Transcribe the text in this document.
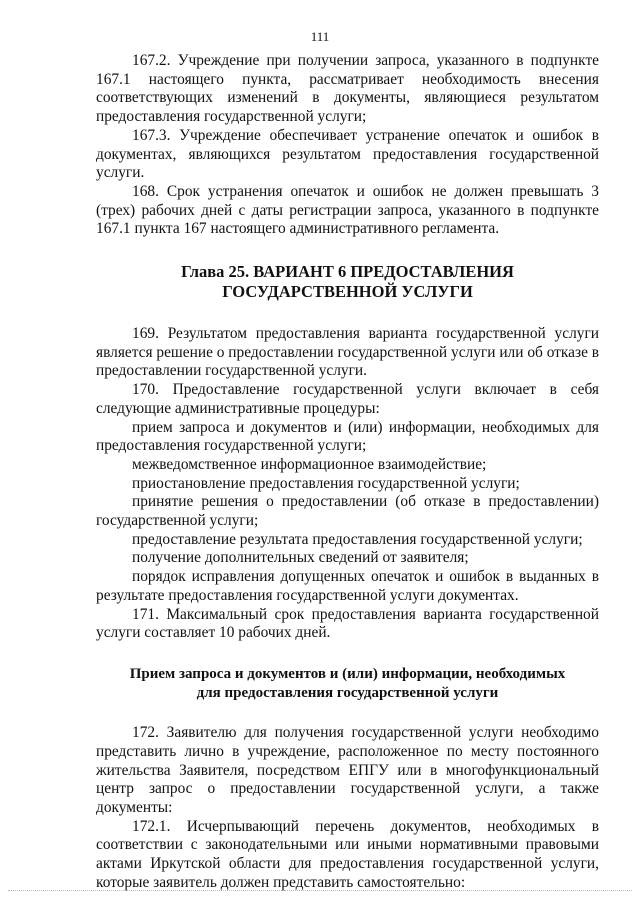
111

167.2. Учреждение при получении запроса, указанного в подпункте 167.1 настоящего пункта, рассматривает необходимость внесения соответствующих изменений в документы, являющиеся результатом предоставления государственной услуги;

167.3. Учреждение обеспечивает устранение опечаток и ошибок в документах, являющихся результатом предоставления государственной услуги.

168. Срок устранения опечаток и ошибок не должен превышать 3 (трех) рабочих дней с даты регистрации запроса, указанного в подпункте 167.1 пункта 167 настоящего административного регламента.

Глава 25. ВАРИАНТ 6 ПРЕДОСТАВЛЕНИЯ
ГОСУДАРСТВЕННОЙ УСЛУГИ

169. Результатом предоставления варианта государственной услуги является решение о предоставлении государственной услуги или об отказе в предоставлении государственной услуги.

170. Предоставление государственной услуги включает в себя следующие административные процедуры:

прием запроса и документов и (или) информации, необходимых для предоставления государственной услуги;

межведомственное информационное взаимодействие;

приостановление предоставления государственной услуги;

принятие решения о предоставлении (об отказе в предоставлении) государственной услуги;

предоставление результата предоставления государственной услуги;

получение дополнительных сведений от заявителя;

порядок исправления допущенных опечаток и ошибок в выданных в результате предоставления государственной услуги документах.

171. Максимальный срок предоставления варианта государственной услуги составляет 10 рабочих дней.

Прием запроса и документов и (или) информации, необходимых
для предоставления государственной услуги

172. Заявителю для получения государственной услуги необходимо представить лично в учреждение, расположенное по месту постоянного жительства Заявителя, посредством ЕПГУ или в многофункциональный центр запрос о предоставлении государственной услуги, а также документы:

172.1. Исчерпывающий перечень документов, необходимых в соответствии с законодательными или иными нормативными правовыми актами Иркутской области для предоставления государственной услуги, которые заявитель должен представить самостоятельно:
